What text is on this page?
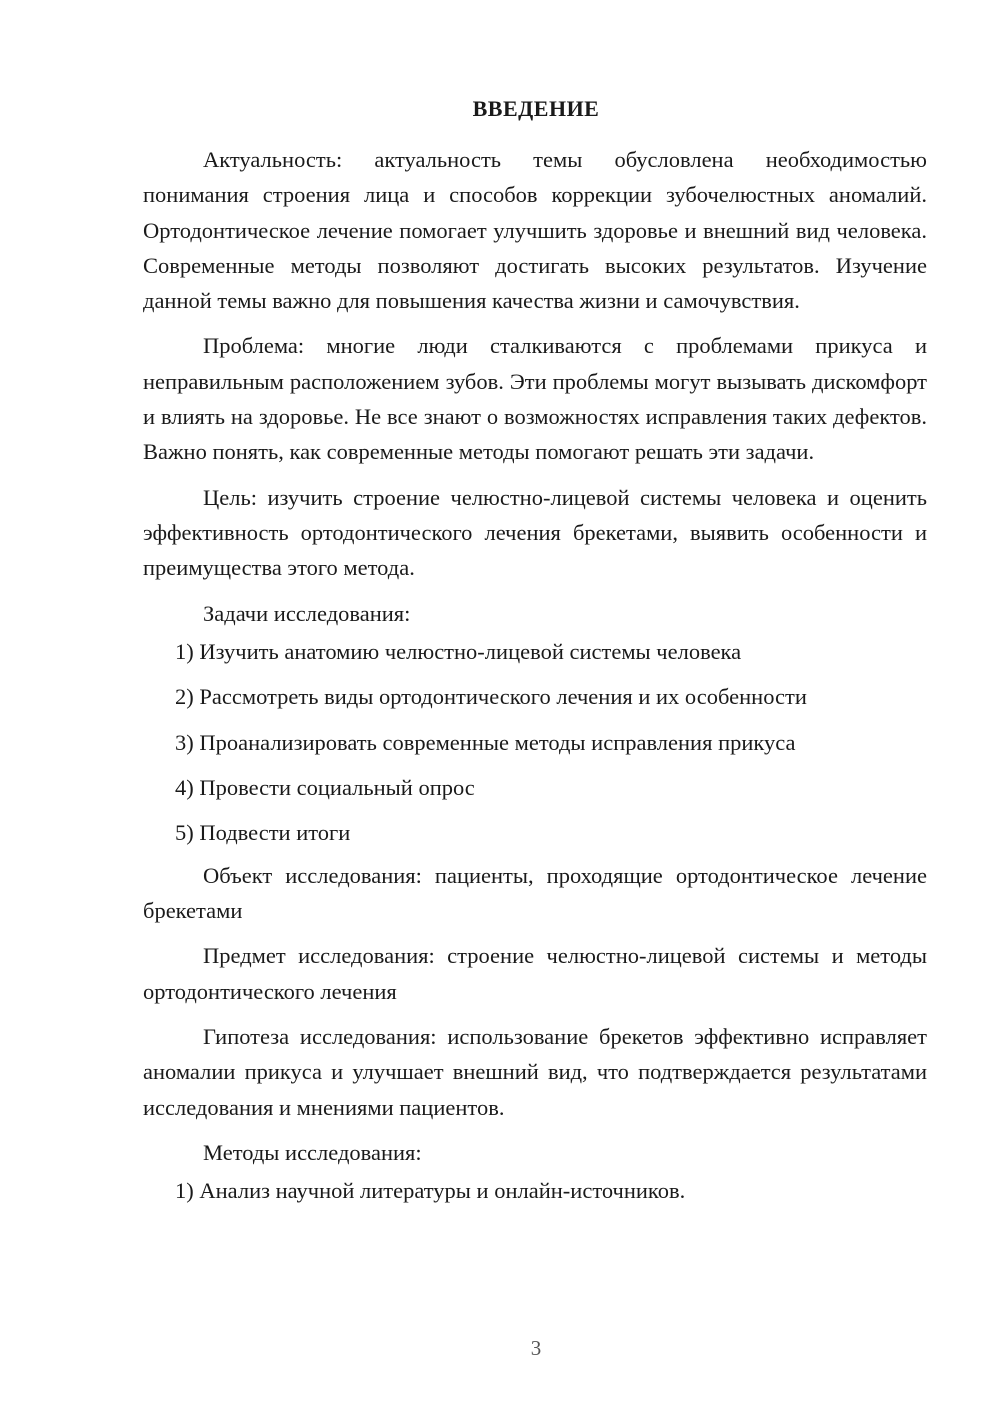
ВВЕДЕНИЕ

Актуальность: актуальность темы обусловлена необходимостью понимания строения лица и способов коррекции зубочелюстных аномалий. Ортодонтическое лечение помогает улучшить здоровье и внешний вид человека. Современные методы позволяют достигать высоких результатов. Изучение данной темы важно для повышения качества жизни и самочувствия.

Проблема: многие люди сталкиваются с проблемами прикуса и неправильным расположением зубов. Эти проблемы могут вызывать дискомфорт и влиять на здоровье. Не все знают о возможностях исправления таких дефектов. Важно понять, как современные методы помогают решать эти задачи.

Цель: изучить строение челюстно-лицевой системы человека и оценить эффективность ортодонтического лечения брекетами, выявить особенности и преимущества этого метода.

Задачи исследования:

1) Изучить анатомию челюстно-лицевой системы человека

2) Рассмотреть виды ортодонтического лечения и их особенности

3) Проанализировать современные методы исправления прикуса

4) Провести социальный опрос

5) Подвести итоги

Объект исследования: пациенты, проходящие ортодонтическое лечение брекетами

Предмет исследования: строение челюстно-лицевой системы и методы ортодонтического лечения

Гипотеза исследования: использование брекетов эффективно исправляет аномалии прикуса и улучшает внешний вид, что подтверждается результатами исследования и мнениями пациентов.

Методы исследования:

1) Анализ научной литературы и онлайн-источников.

3
